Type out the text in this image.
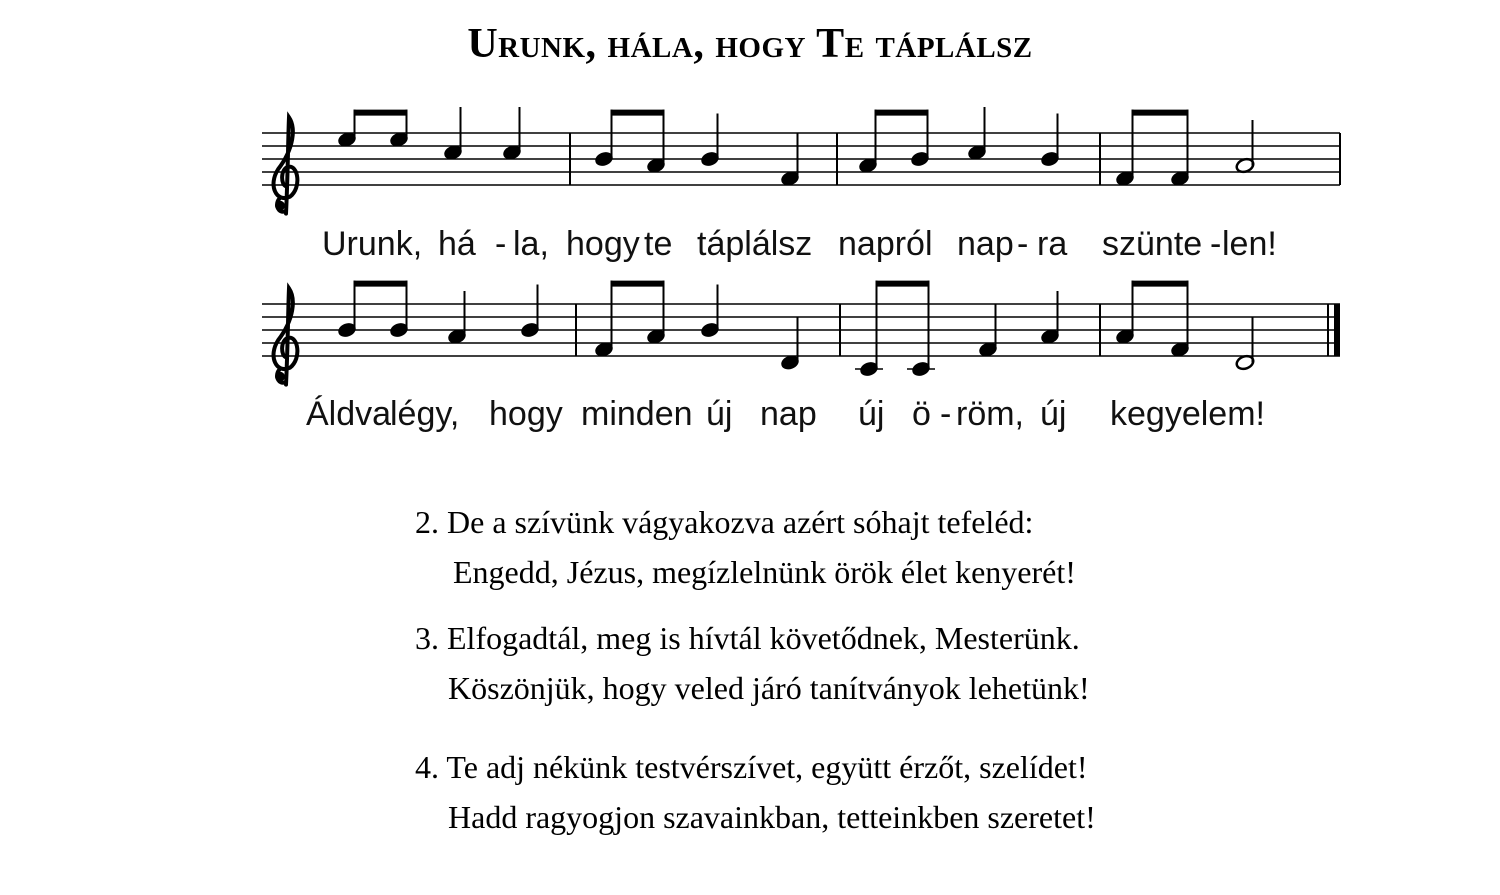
Urunk, hála, hogy Te táplálsz
Urunk, há - la, hogy te táplálsz napról nap - ra szünte - len!
Áldva
légy, hogy minden új nap új ö - röm, új kegyelem!
2. De a szívünk vágyakozva azért sóhajt tefeléd:
Engedd, Jézus, megízlelnünk örök élet kenyerét!
3. Elfogadtál, meg is hívtál követődnek, Mesterünk.
Köszönjük, hogy veled járó tanítványok lehetünk!
4. Te adj nékünk testvérszívet, együtt érzőt, szelídet!
Hadd ragyogjon szavainkban, tetteinkben szeretet!
